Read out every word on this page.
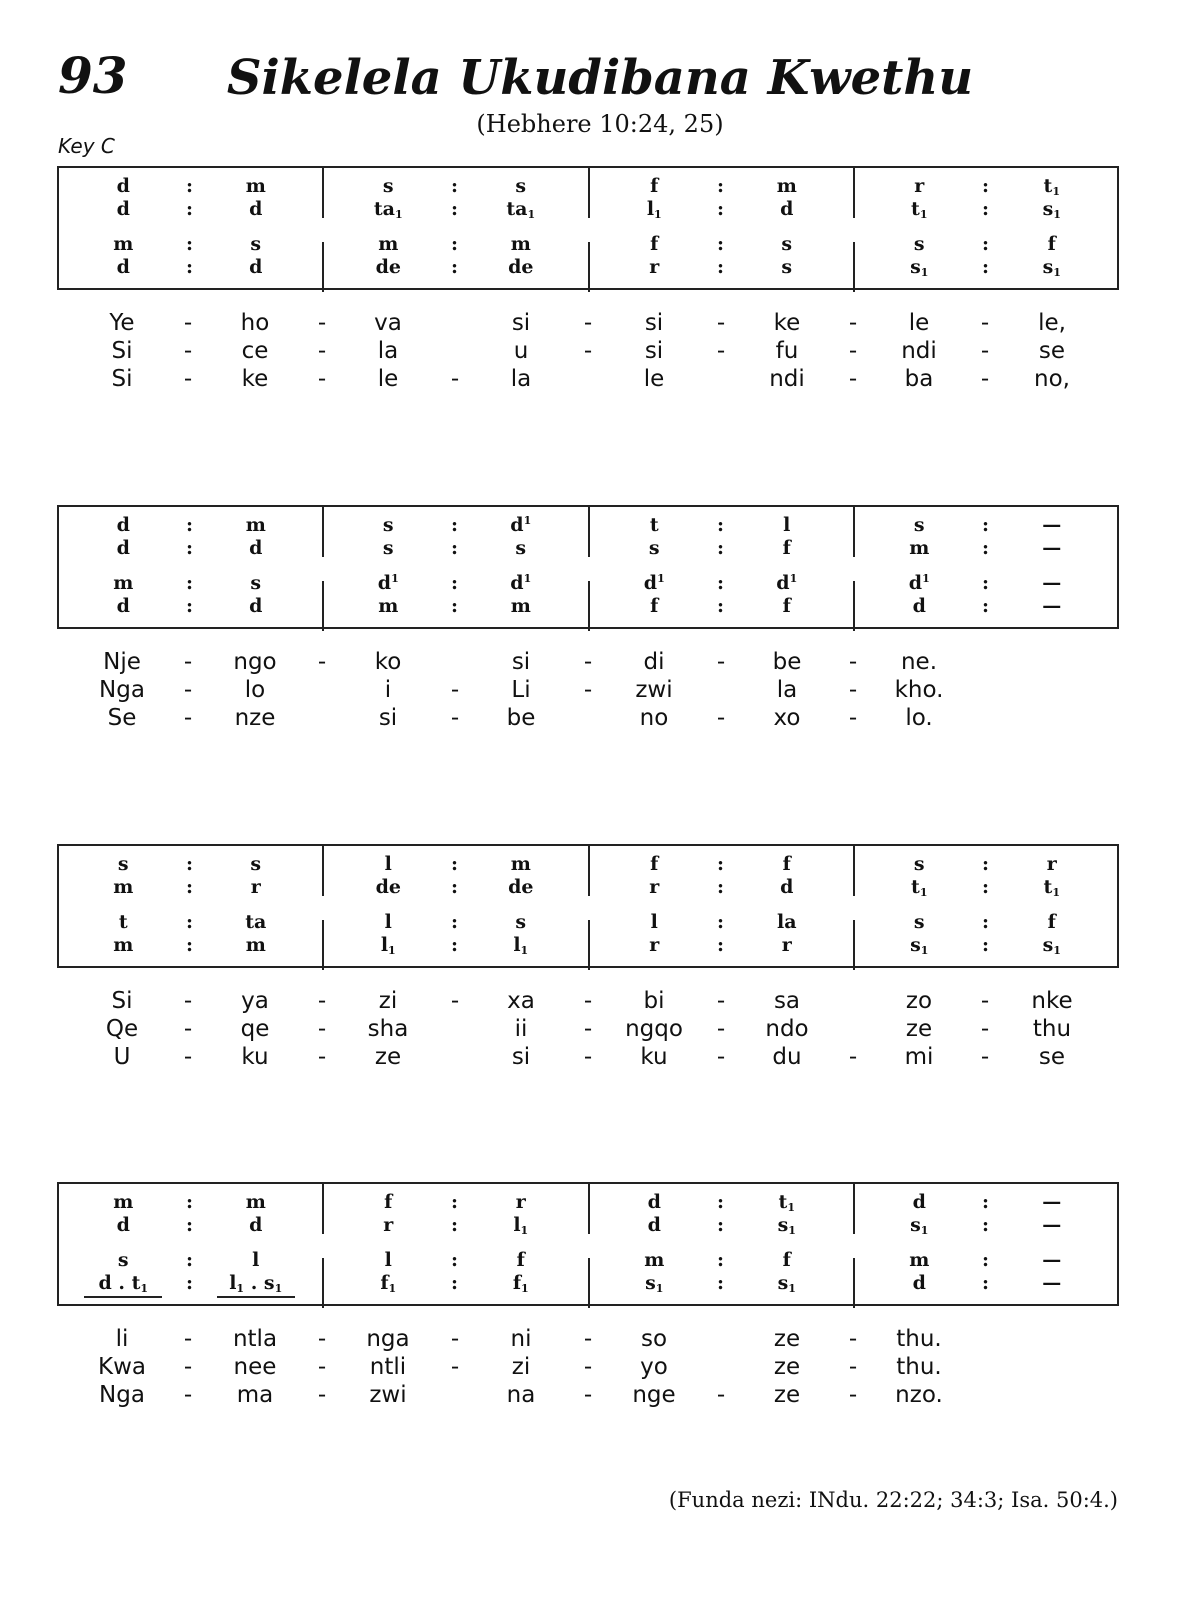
93	Sikelela Ukudibana Kwethu
(Hebhere 10:24, 25)
Key C
d	:	m	s	:	s	f	:	m	r	:	$t_1$
d	:	d	$ta_1$	:	$ta_1$	$l_1$	:	d	$t_1$	:	$s_1$
m	:	s	m	:	m	f	:	s	s	:	f
d	:	d	de	:	de	r	:	s	$s_1$	:	$s_1$
Ye	-	ho	-	va	si	-	si	-	ke	-	le	-	le,
Si	-	ce	-	la	u	-	si	-	fu	-	ndi	-	se
Si	-	ke	-	le	-	la	le	ndi	-	ba	-	no,
d	:	m	s	:	$d^1$	t	:	l	s	:	—
d	:	d	s	:	s	s	:	f	m	:	—
m	:	s	$d^1$	:	$d^1$	$d^1$	:	$d^1$	$d^1$	:	—
d	:	d	m	:	m	f	:	f	d	:	—
Nje	-	ngo	-	ko	si	-	di	-	be	-	ne.
Nga	-	lo	i	-	Li	-	zwi	la	-	kho.
Se	-	nze	si	-	be	no	-	xo	-	lo.
s	:	s	l	:	m	f	:	f	s	:	r
m	:	r	de	:	de	r	:	d	$t_1$	:	$t_1$
t	:	ta	l	:	s	l	:	la	s	:	f
m	:	m	$l_1$	:	$l_1$	r	:	r	$s_1$	:	$s_1$
Si	-	ya	-	zi	-	xa	-	bi	-	sa	zo	-	nke
Qe	-	qe	-	sha	ii	-	ngqo	-	ndo	ze	-	thu
U	-	ku	-	ze	si	-	ku	-	du	-	mi	-	se
m	:	m	f	:	r	d	:	$t_1$	d	:	—
d	:	d	r	:	$l_1$	d	:	$s_1$	$s_1$	:	—
s	:	l	l	:	f	m	:	f	m	:	—
d . $t_1$	:	$l_1$ . $s_1$	$f_1$	:	$f_1$	$s_1$	:	$s_1$	d	:	—
li	-	ntla	-	nga	-	ni	-	so	ze	-	thu.
Kwa	-	nee	-	ntli	-	zi	-	yo	ze	-	thu.
Nga	-	ma	-	zwi	na	-	nge	-	ze	-	nzo.
(Funda nezi: INdu. 22:22; 34:3; Isa. 50:4.)
